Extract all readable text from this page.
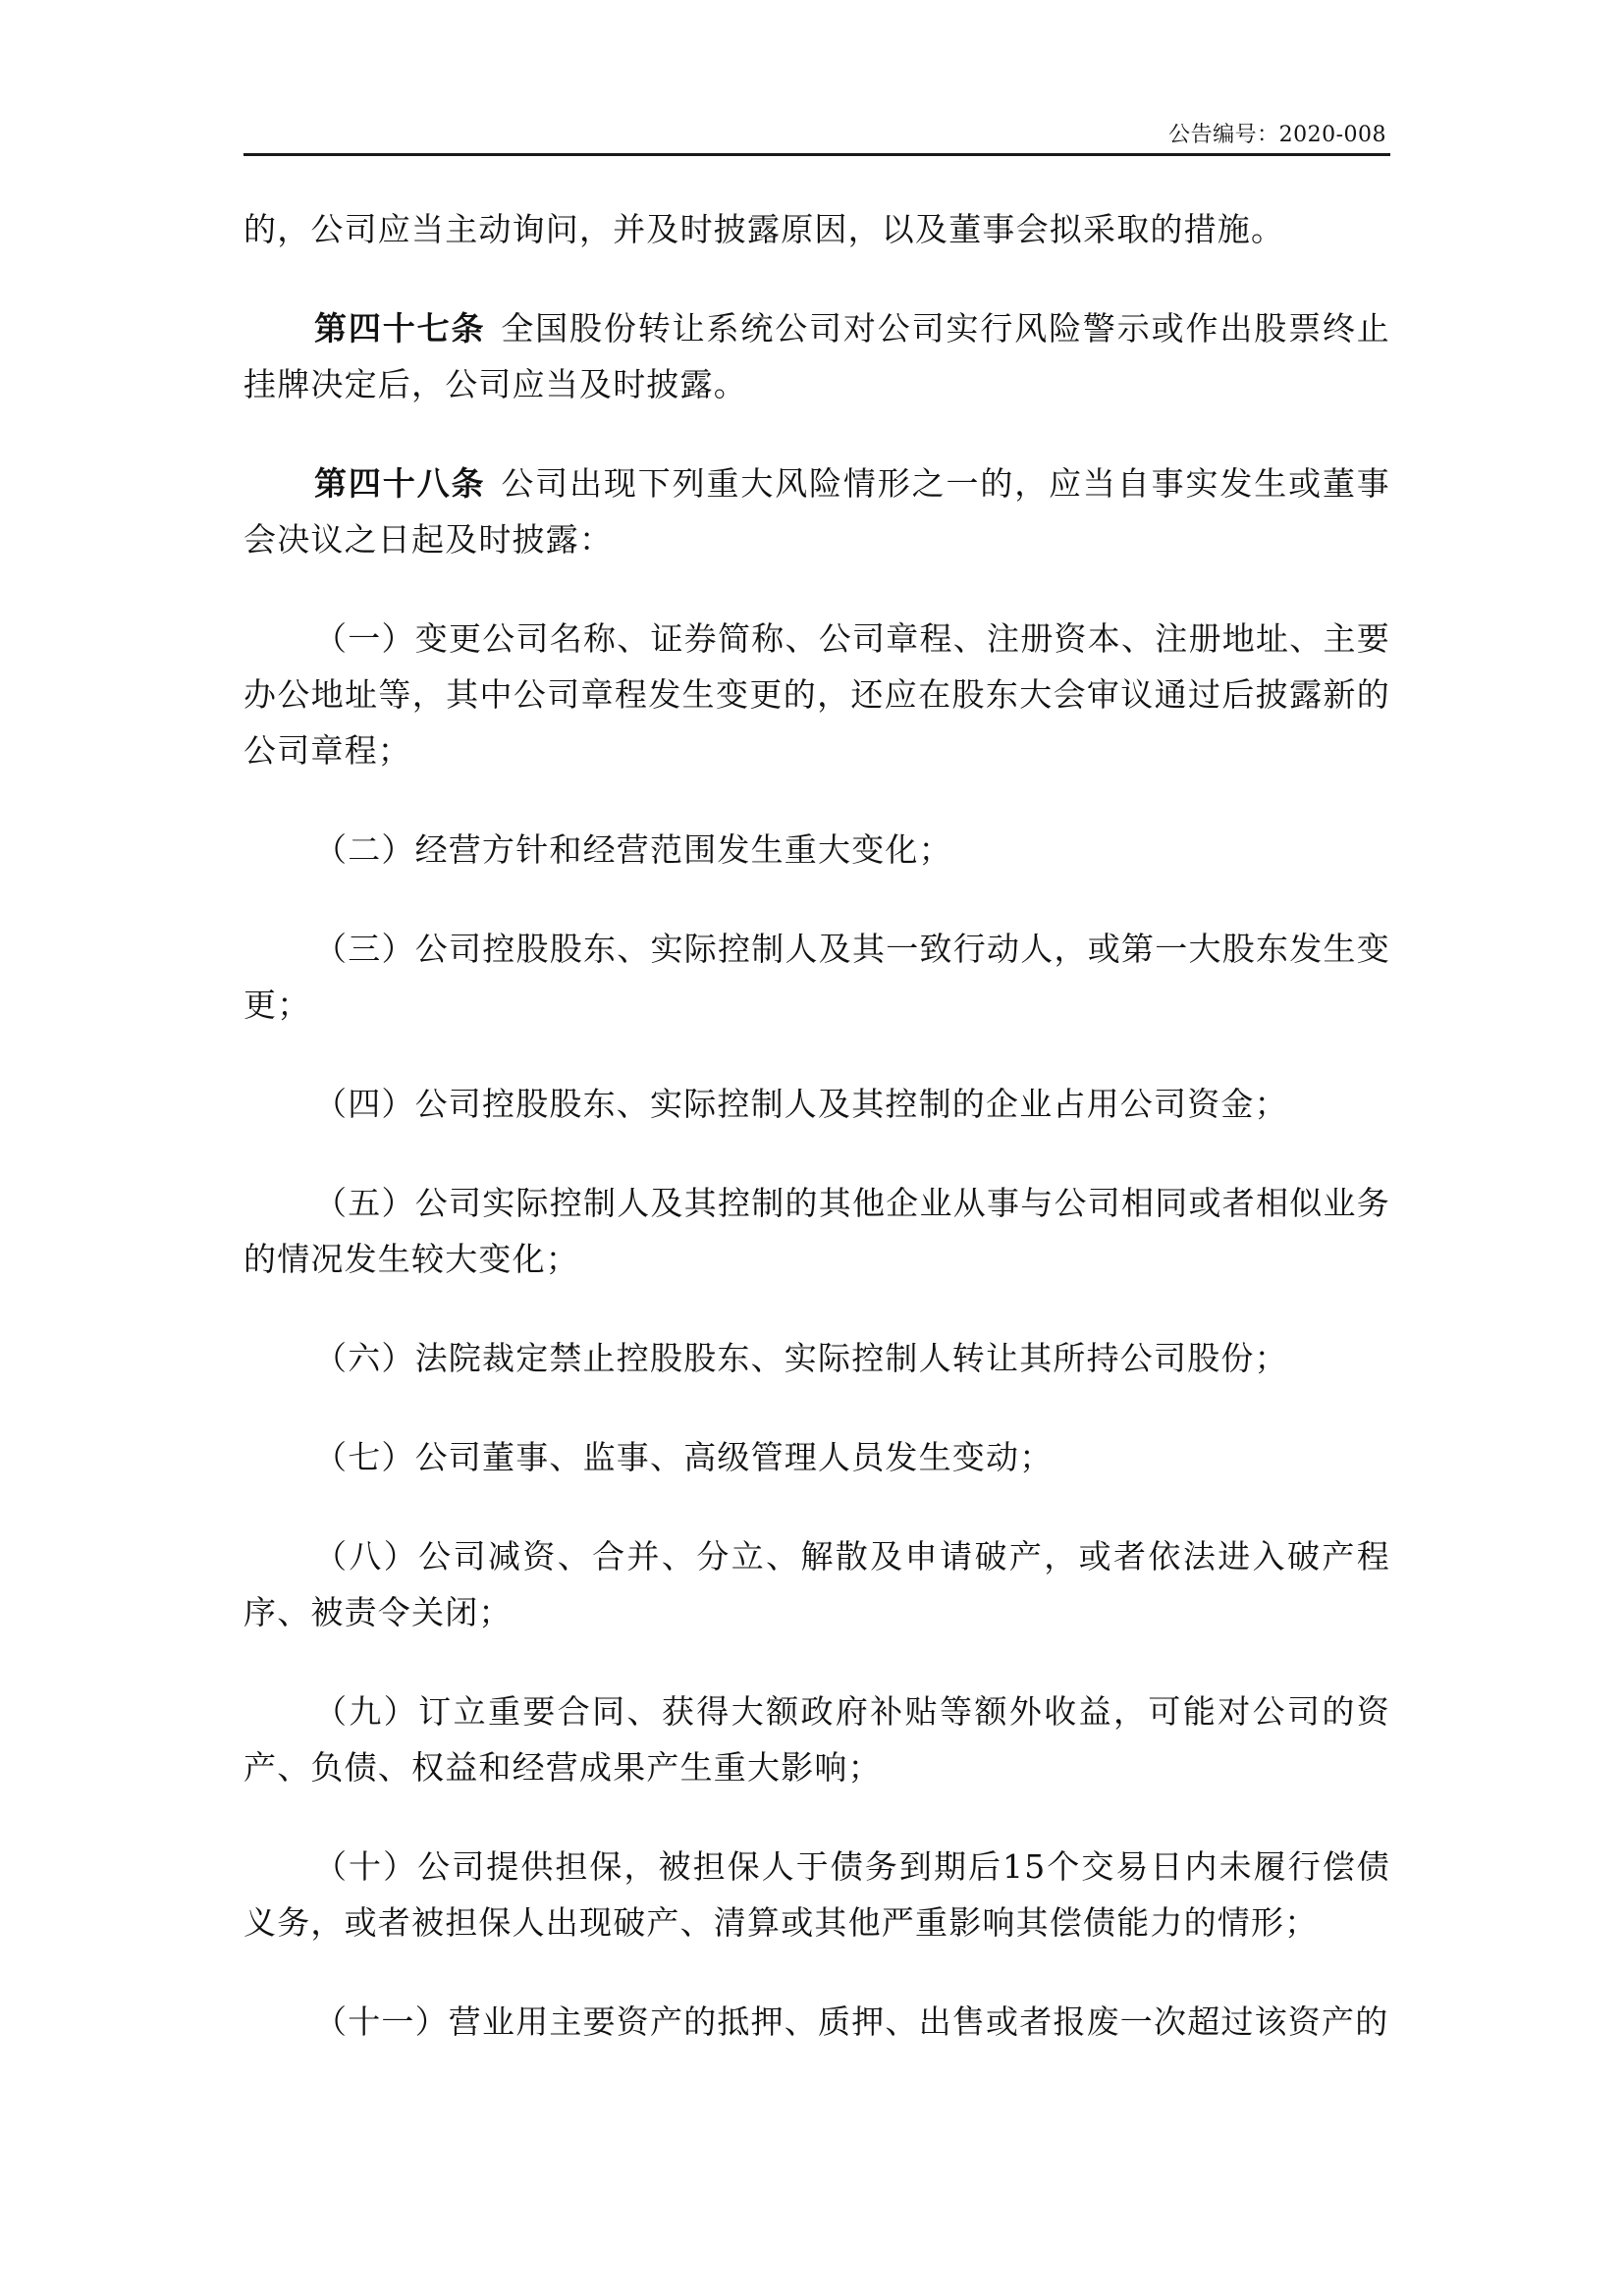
公告编号：2020-008

的，公司应当主动询问，并及时披露原因，以及董事会拟采取的措施。

第四十七条 全国股份转让系统公司对公司实行风险警示或作出股票终止挂牌决定后，公司应当及时披露。

第四十八条 公司出现下列重大风险情形之一的，应当自事实发生或董事会决议之日起及时披露：

（一）变更公司名称、证券简称、公司章程、注册资本、注册地址、主要办公地址等，其中公司章程发生变更的，还应在股东大会审议通过后披露新的公司章程；

（二）经营方针和经营范围发生重大变化；

（三）公司控股股东、实际控制人及其一致行动人，或第一大股东发生变更；

（四）公司控股股东、实际控制人及其控制的企业占用公司资金；

（五）公司实际控制人及其控制的其他企业从事与公司相同或者相似业务的情况发生较大变化；

（六）法院裁定禁止控股股东、实际控制人转让其所持公司股份；

（七）公司董事、监事、高级管理人员发生变动；

（八）公司减资、合并、分立、解散及申请破产，或者依法进入破产程序、被责令关闭；

（九）订立重要合同、获得大额政府补贴等额外收益，可能对公司的资产、负债、权益和经营成果产生重大影响；

（十）公司提供担保，被担保人于债务到期后15个交易日内未履行偿债义务，或者被担保人出现破产、清算或其他严重影响其偿债能力的情形；

（十一）营业用主要资产的抵押、质押、出售或者报废一次超过该资产的
